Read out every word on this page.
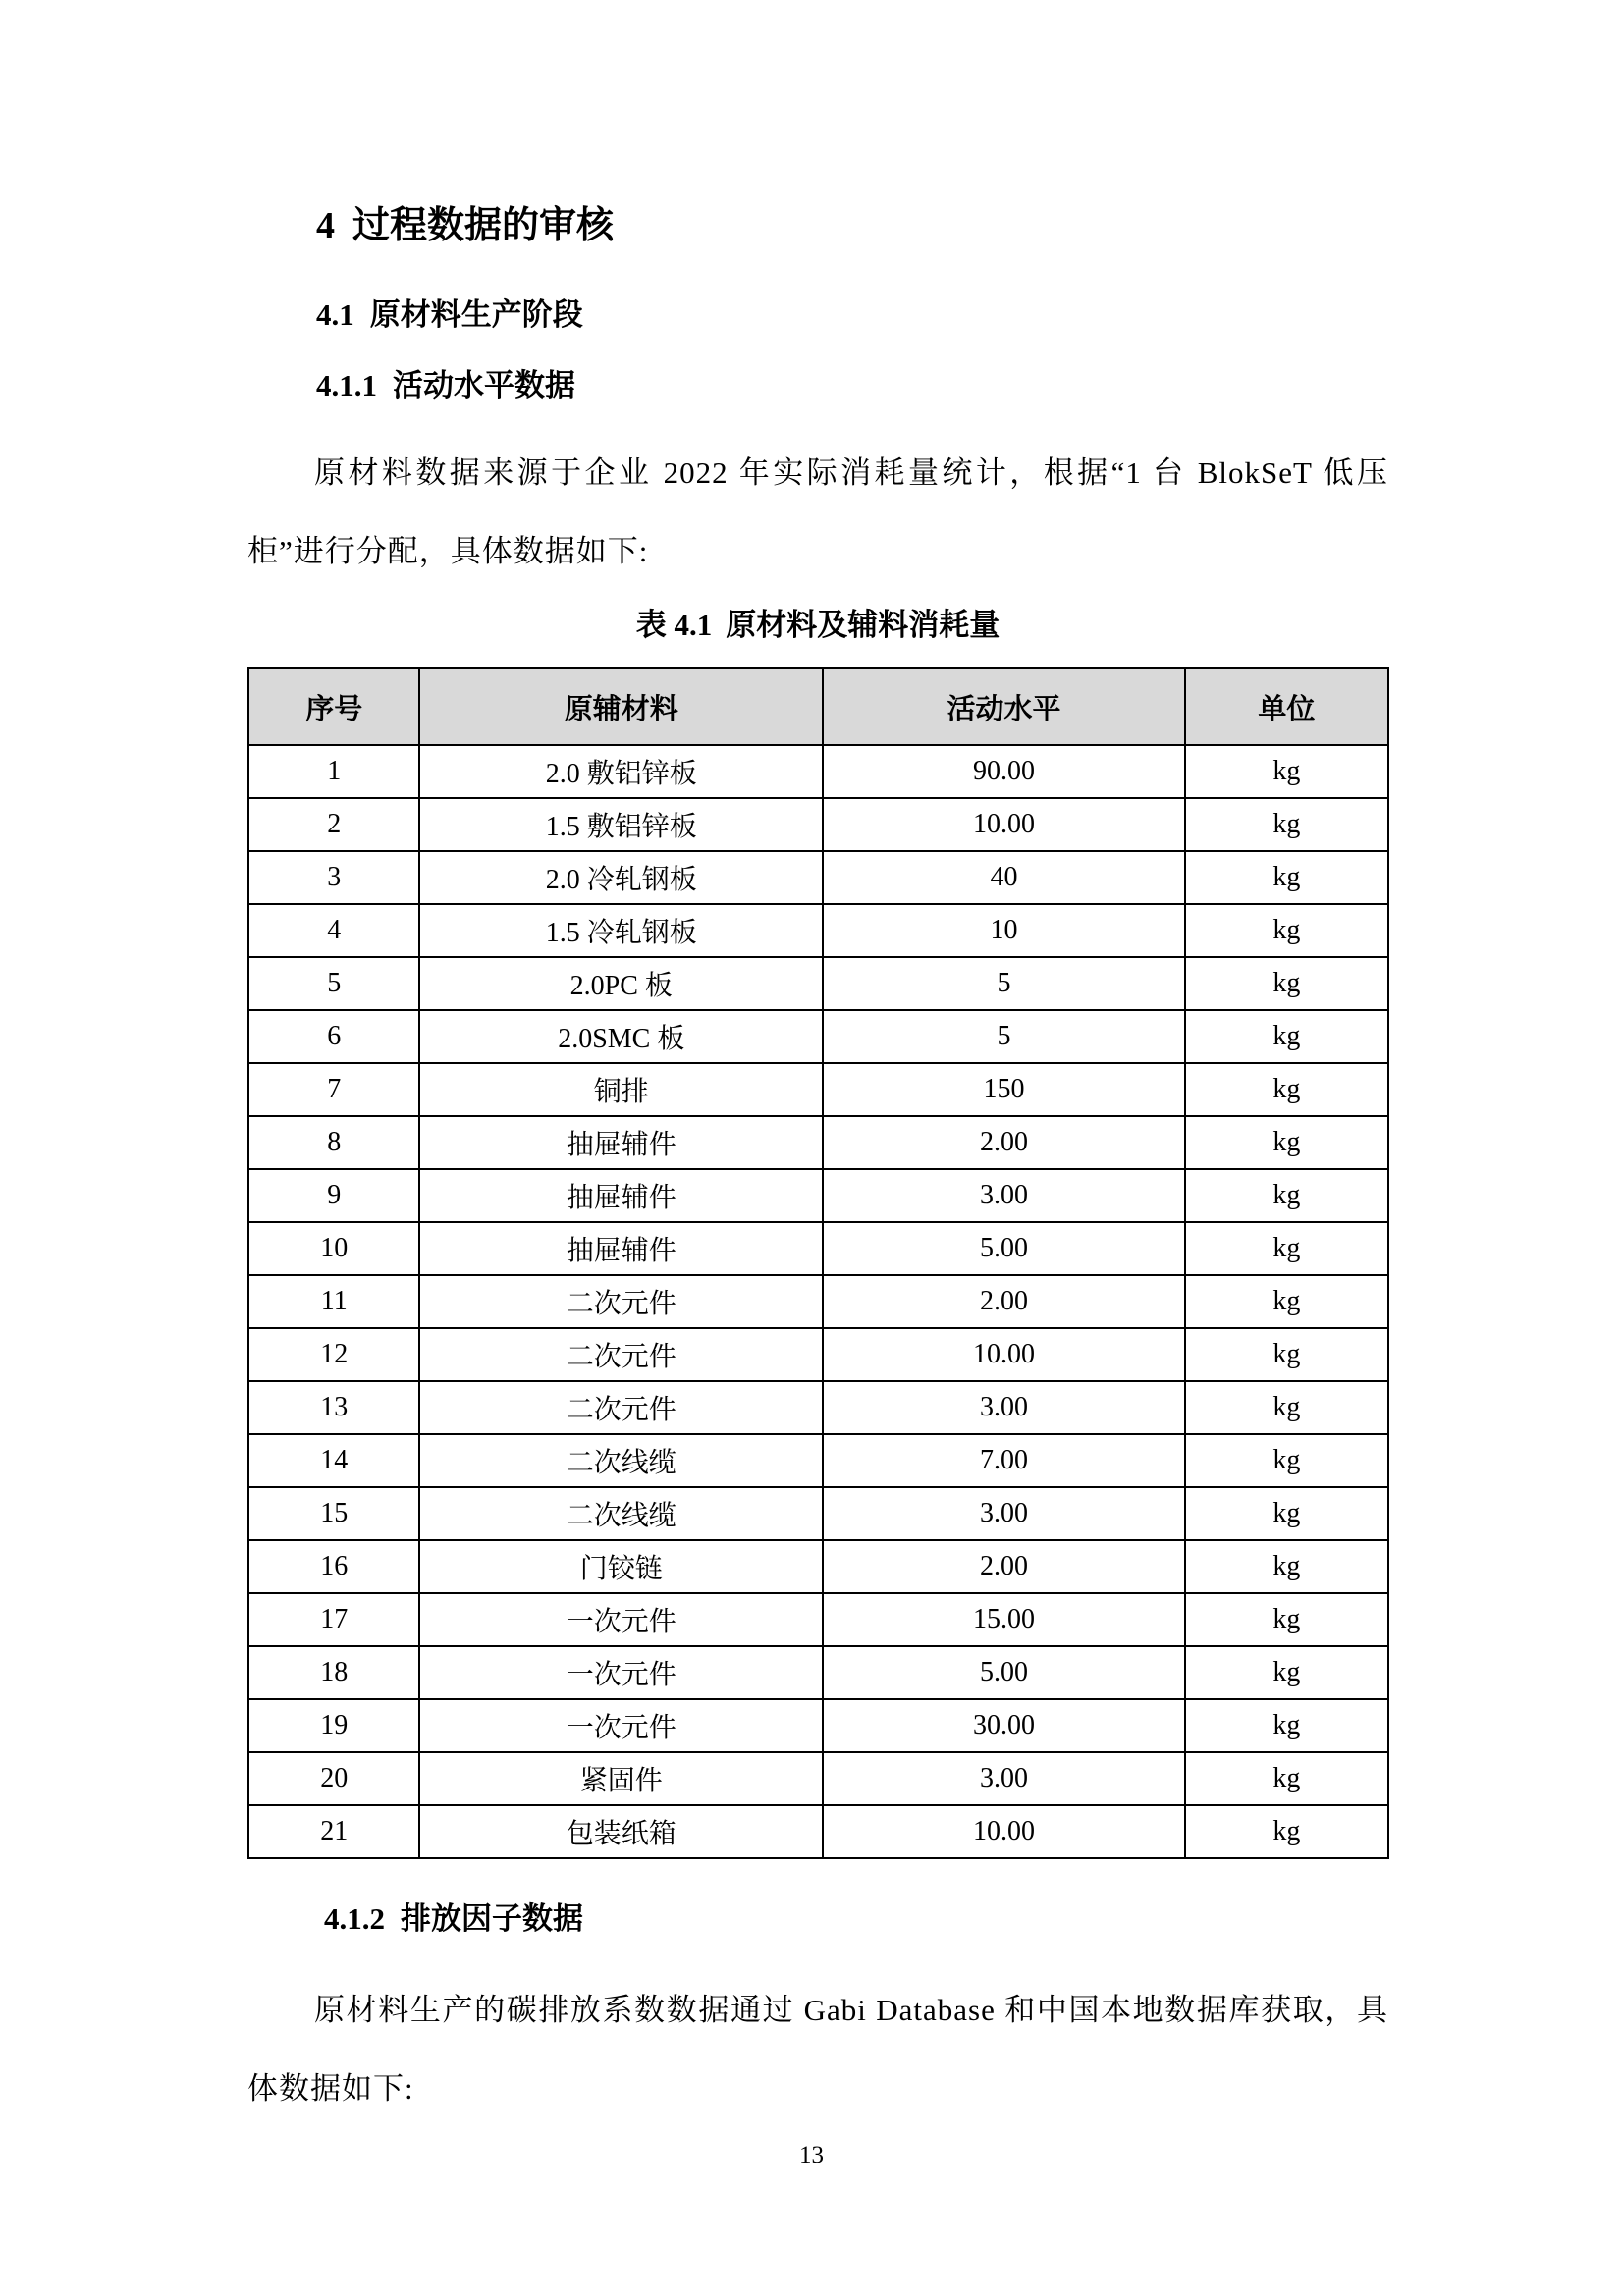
4 过程数据的审核
4.1 原材料生产阶段
4.1.1 活动水平数据

原材料数据来源于企业 2022 年实际消耗量统计，根据“1 台 BlokSeT 低压柜”进行分配，具体数据如下:

表 4.1 原材料及辅料消耗量
序号	原辅材料	活动水平	单位
1	2.0 敷铝锌板	90.00	kg
2	1.5 敷铝锌板	10.00	kg
3	2.0 冷轧钢板	40	kg
4	1.5 冷轧钢板	10	kg
5	2.0PC 板	5	kg
6	2.0SMC 板	5	kg
7	铜排	150	kg
8	抽屉辅件	2.00	kg
9	抽屉辅件	3.00	kg
10	抽屉辅件	5.00	kg
11	二次元件	2.00	kg
12	二次元件	10.00	kg
13	二次元件	3.00	kg
14	二次线缆	7.00	kg
15	二次线缆	3.00	kg
16	门铰链	2.00	kg
17	一次元件	15.00	kg
18	一次元件	5.00	kg
19	一次元件	30.00	kg
20	紧固件	3.00	kg
21	包装纸箱	10.00	kg
4.1.2 排放因子数据

原材料生产的碳排放系数数据通过 Gabi Database 和中国本地数据库获取，具体数据如下:

13
